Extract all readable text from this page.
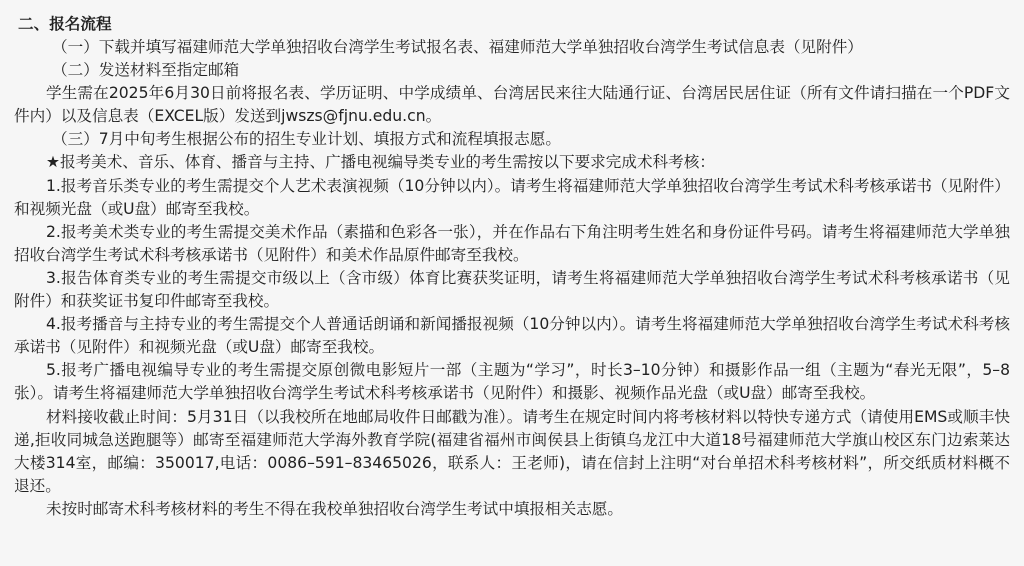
二、报名流程

（一）下载并填写福建师范大学单独招收台湾学生考试报名表、福建师范大学单独招收台湾学生考试信息表（见附件）

（二）发送材料至指定邮箱

学生需在2025年6月30日前将报名表、学历证明、中学成绩单、台湾居民来往大陆通行证、台湾居民居住证（所有文件请扫描在一个PDF文件内）以及信息表（EXCEL版）发送到jwszs@fjnu.edu.cn。

（三）7月中旬考生根据公布的招生专业计划、填报方式和流程填报志愿。

★报考美术、音乐、体育、播音与主持、广播电视编导类专业的考生需按以下要求完成术科考核：

1.报考音乐类专业的考生需提交个人艺术表演视频（10分钟以内）。请考生将福建师范大学单独招收台湾学生考试术科考核承诺书（见附件）和视频光盘（或U盘）邮寄至我校。

2.报考美术类专业的考生需提交美术作品（素描和色彩各一张），并在作品右下角注明考生姓名和身份证件号码。请考生将福建师范大学单独招收台湾学生考试术科考核承诺书（见附件）和美术作品原件邮寄至我校。

3.报告体育类专业的考生需提交市级以上（含市级）体育比赛获奖证明，请考生将福建师范大学单独招收台湾学生考试术科考核承诺书（见附件）和获奖证书复印件邮寄至我校。

4.报考播音与主持专业的考生需提交个人普通话朗诵和新闻播报视频（10分钟以内）。请考生将福建师范大学单独招收台湾学生考试术科考核承诺书（见附件）和视频光盘（或U盘）邮寄至我校。

5.报考广播电视编导专业的考生需提交原创微电影短片一部（主题为“学习”，时长3–10分钟）和摄影作品一组（主题为“春光无限”，5–8张）。请考生将福建师范大学单独招收台湾学生考试术科考核承诺书（见附件）和摄影、视频作品光盘（或U盘）邮寄至我校。

材料接收截止时间：5月31日（以我校所在地邮局收件日邮戳为准）。请考生在规定时间内将考核材料以特快专递方式（请使用EMS或顺丰快递,拒收同城急送跑腿等）邮寄至福建师范大学海外教育学院(福建省福州市闽侯县上街镇乌龙江中大道18号福建师范大学旗山校区东门边索莱达大楼314室，邮编：350017,电话：0086–591–83465026，联系人：王老师)，请在信封上注明“对台单招术科考核材料”，所交纸质材料概不退还。

未按时邮寄术科考核材料的考生不得在我校单独招收台湾学生考试中填报相关志愿。
